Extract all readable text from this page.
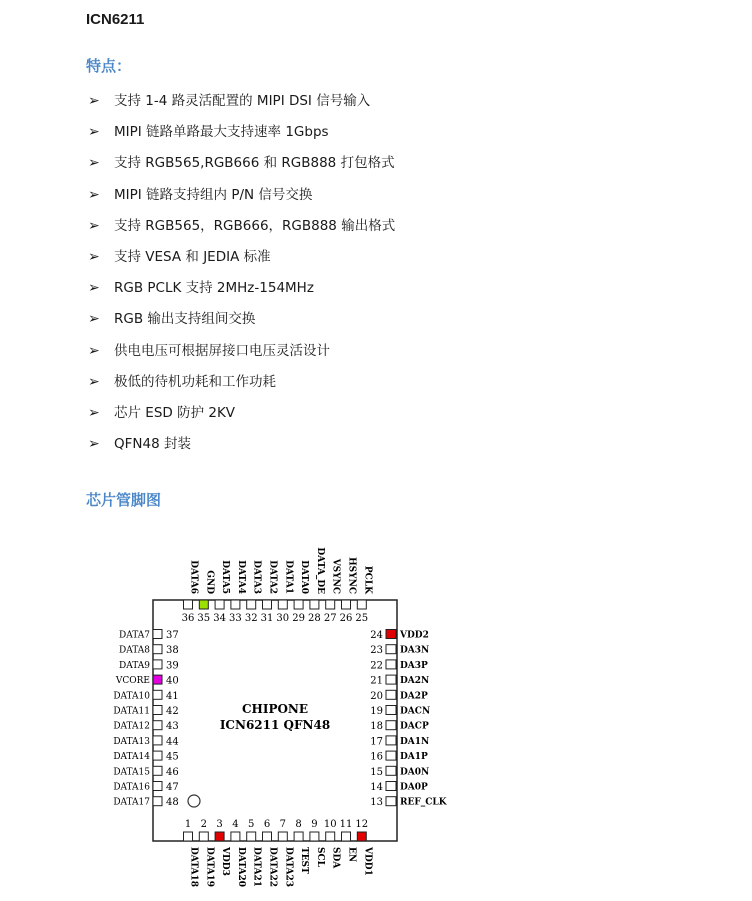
ICN6211
特点：
➢ 支持 1-4 路灵活配置的 MIPI DSI 信号输入
➢ MIPI 链路单路最大支持速率 1Gbps
➢ 支持 RGB565,RGB666 和 RGB888 打包格式
➢ MIPI 链路支持组内 P/N 信号交换
➢ 支持 RGB565，RGB666，RGB888 输出格式
➢ 支持 VESA 和 JEDIA 标准
➢ RGB PCLK 支持 2MHz-154MHz
➢ RGB 输出支持组间交换
➢ 供电电压可根据屏接口电压灵活设计
➢ 极低的待机功耗和工作功耗
➢ 芯片 ESD 防护 2KV
➢ QFN48 封装
芯片管脚图
CHIPONE
ICN6211 QFN48
36
DATA6
35
GND
34
DATA5
33
DATA4
32
DATA3
31
DATA2
30
DATA1
29
DATA0
28
DATA_DE
27
VSYNC
26
HSYNC
25
PCLK
37
DATA7
38
DATA8
39
DATA9
40
VCORE
41
DATA10
42
DATA11
43
DATA12
44
DATA13
45
DATA14
46
DATA15
47
DATA16
48
DATA17
24 VDD2
23 DA3N
22 DA3P
21 DA2N
20 DA2P
19 DACN
18 DACP
17 DA1N
16 DA1P
15 DA0N
14 DA0P
13 REF_CLK
1
DATA18
2
DATA19
3
VDD3
4
DATA20
5
DATA21
6
DATA22
7
DATA23
8
TEST
9
SCL
10
SDA
11
EN
12
VDD1
